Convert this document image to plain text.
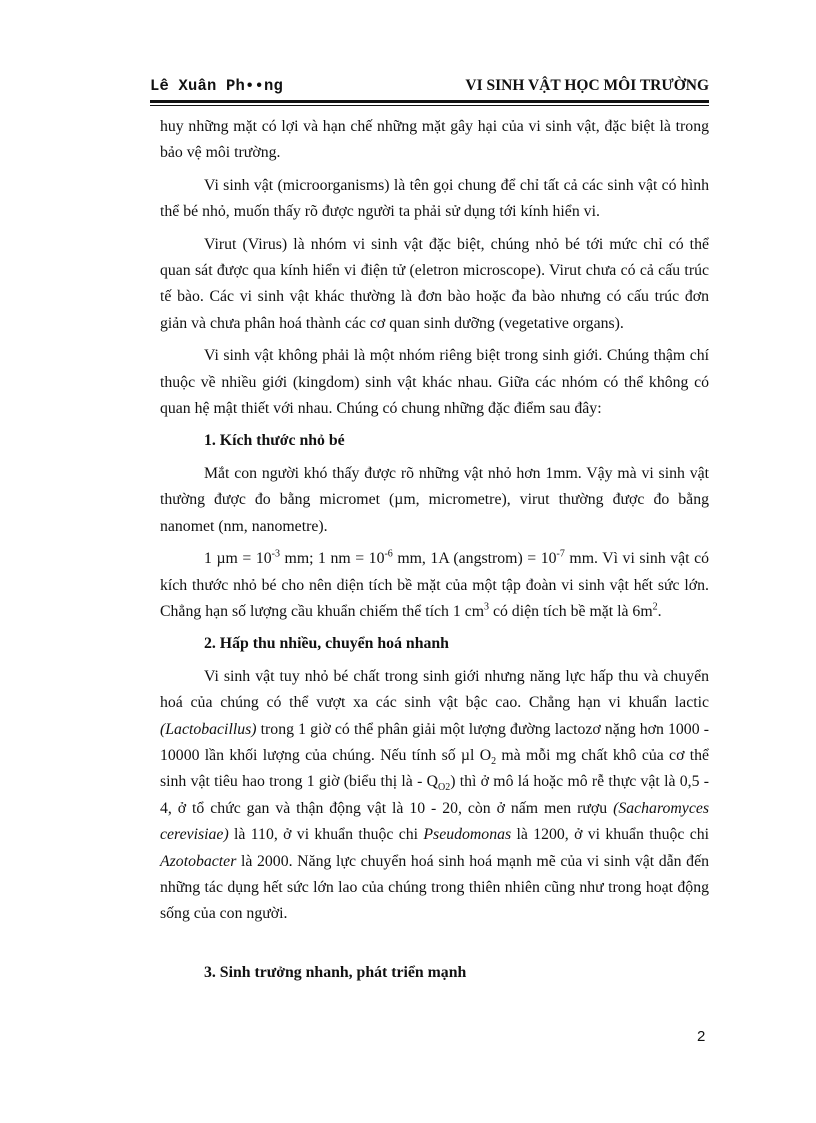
Lê Xuân Ph••ng	VI SINH VẬT HỌC MÔI TRƯỜNG

huy những mặt có lợi và hạn chế những mặt gây hại của vi sinh vật, đặc biệt là trong bảo vệ môi trường.

Vi sinh vật (microorganisms) là tên gọi chung để chỉ tất cả các sinh vật có hình thể bé nhỏ, muốn thấy rõ được người ta phải sử dụng tới kính hiển vi.

Virut (Virus) là nhóm vi sinh vật đặc biệt, chúng nhỏ bé tới mức chỉ có thể quan sát được qua kính hiển vi điện tử (eletron microscope). Virut chưa có cả cấu trúc tế bào. Các vi sinh vật khác thường là đơn bào hoặc đa bào nhưng có cấu trúc đơn giản và chưa phân hoá thành các cơ quan sinh dưỡng (vegetative organs).

Vi sinh vật không phải là một nhóm riêng biệt trong sinh giới. Chúng thậm chí thuộc về nhiều giới (kingdom) sinh vật khác nhau. Giữa các nhóm có thể không có quan hệ mật thiết với nhau. Chúng có chung những đặc điểm sau đây:

1. Kích thước nhỏ bé

Mắt con người khó thấy được rõ những vật nhỏ hơn 1mm. Vậy mà vi sinh vật thường được đo bằng micromet (µm, micrometre), virut thường được đo bằng nanomet (nm, nanometre).

1 $\mu m = 10^{-3}$ mm; 1 nm = $10^{-6}$ mm, 1A (angstrom) = $10^{-7}$ mm. Vì vi sinh vật có kích thước nhỏ bé cho nên diện tích bề mặt của một tập đoàn vi sinh vật hết sức lớn. Chẳng hạn số lượng cầu khuẩn chiếm thể tích 1 $cm^3$ có diện tích bề mặt là $6m^2$.

2. Hấp thu nhiều, chuyển hoá nhanh

Vi sinh vật tuy nhỏ bé chất trong sinh giới nhưng năng lực hấp thu và chuyển hoá của chúng có thể vượt xa các sinh vật bậc cao. Chẳng hạn vi khuẩn lactic (Lactobacillus) trong 1 giờ có thể phân giải một lượng đường lactozơ nặng hơn 1000 - 10000 lần khối lượng của chúng. Nếu tính số µl $O_2$ mà mỗi mg chất khô của cơ thể sinh vật tiêu hao trong 1 giờ (biểu thị là - $Q_{O2}$) thì ở mô lá hoặc mô rễ thực vật là 0,5 - 4, ở tổ chức gan và thận động vật là 10 - 20, còn ở nấm men rượu (Sacharomyces cerevisiae) là 110, ở vi khuẩn thuộc chi Pseudomonas là 1200, ở vi khuẩn thuộc chi Azotobacter là 2000. Năng lực chuyển hoá sinh hoá mạnh mẽ của vi sinh vật dẫn đến những tác dụng hết sức lớn lao của chúng trong thiên nhiên cũng như trong hoạt động sống của con người.

3. Sinh trưởng nhanh, phát triển mạnh
2
